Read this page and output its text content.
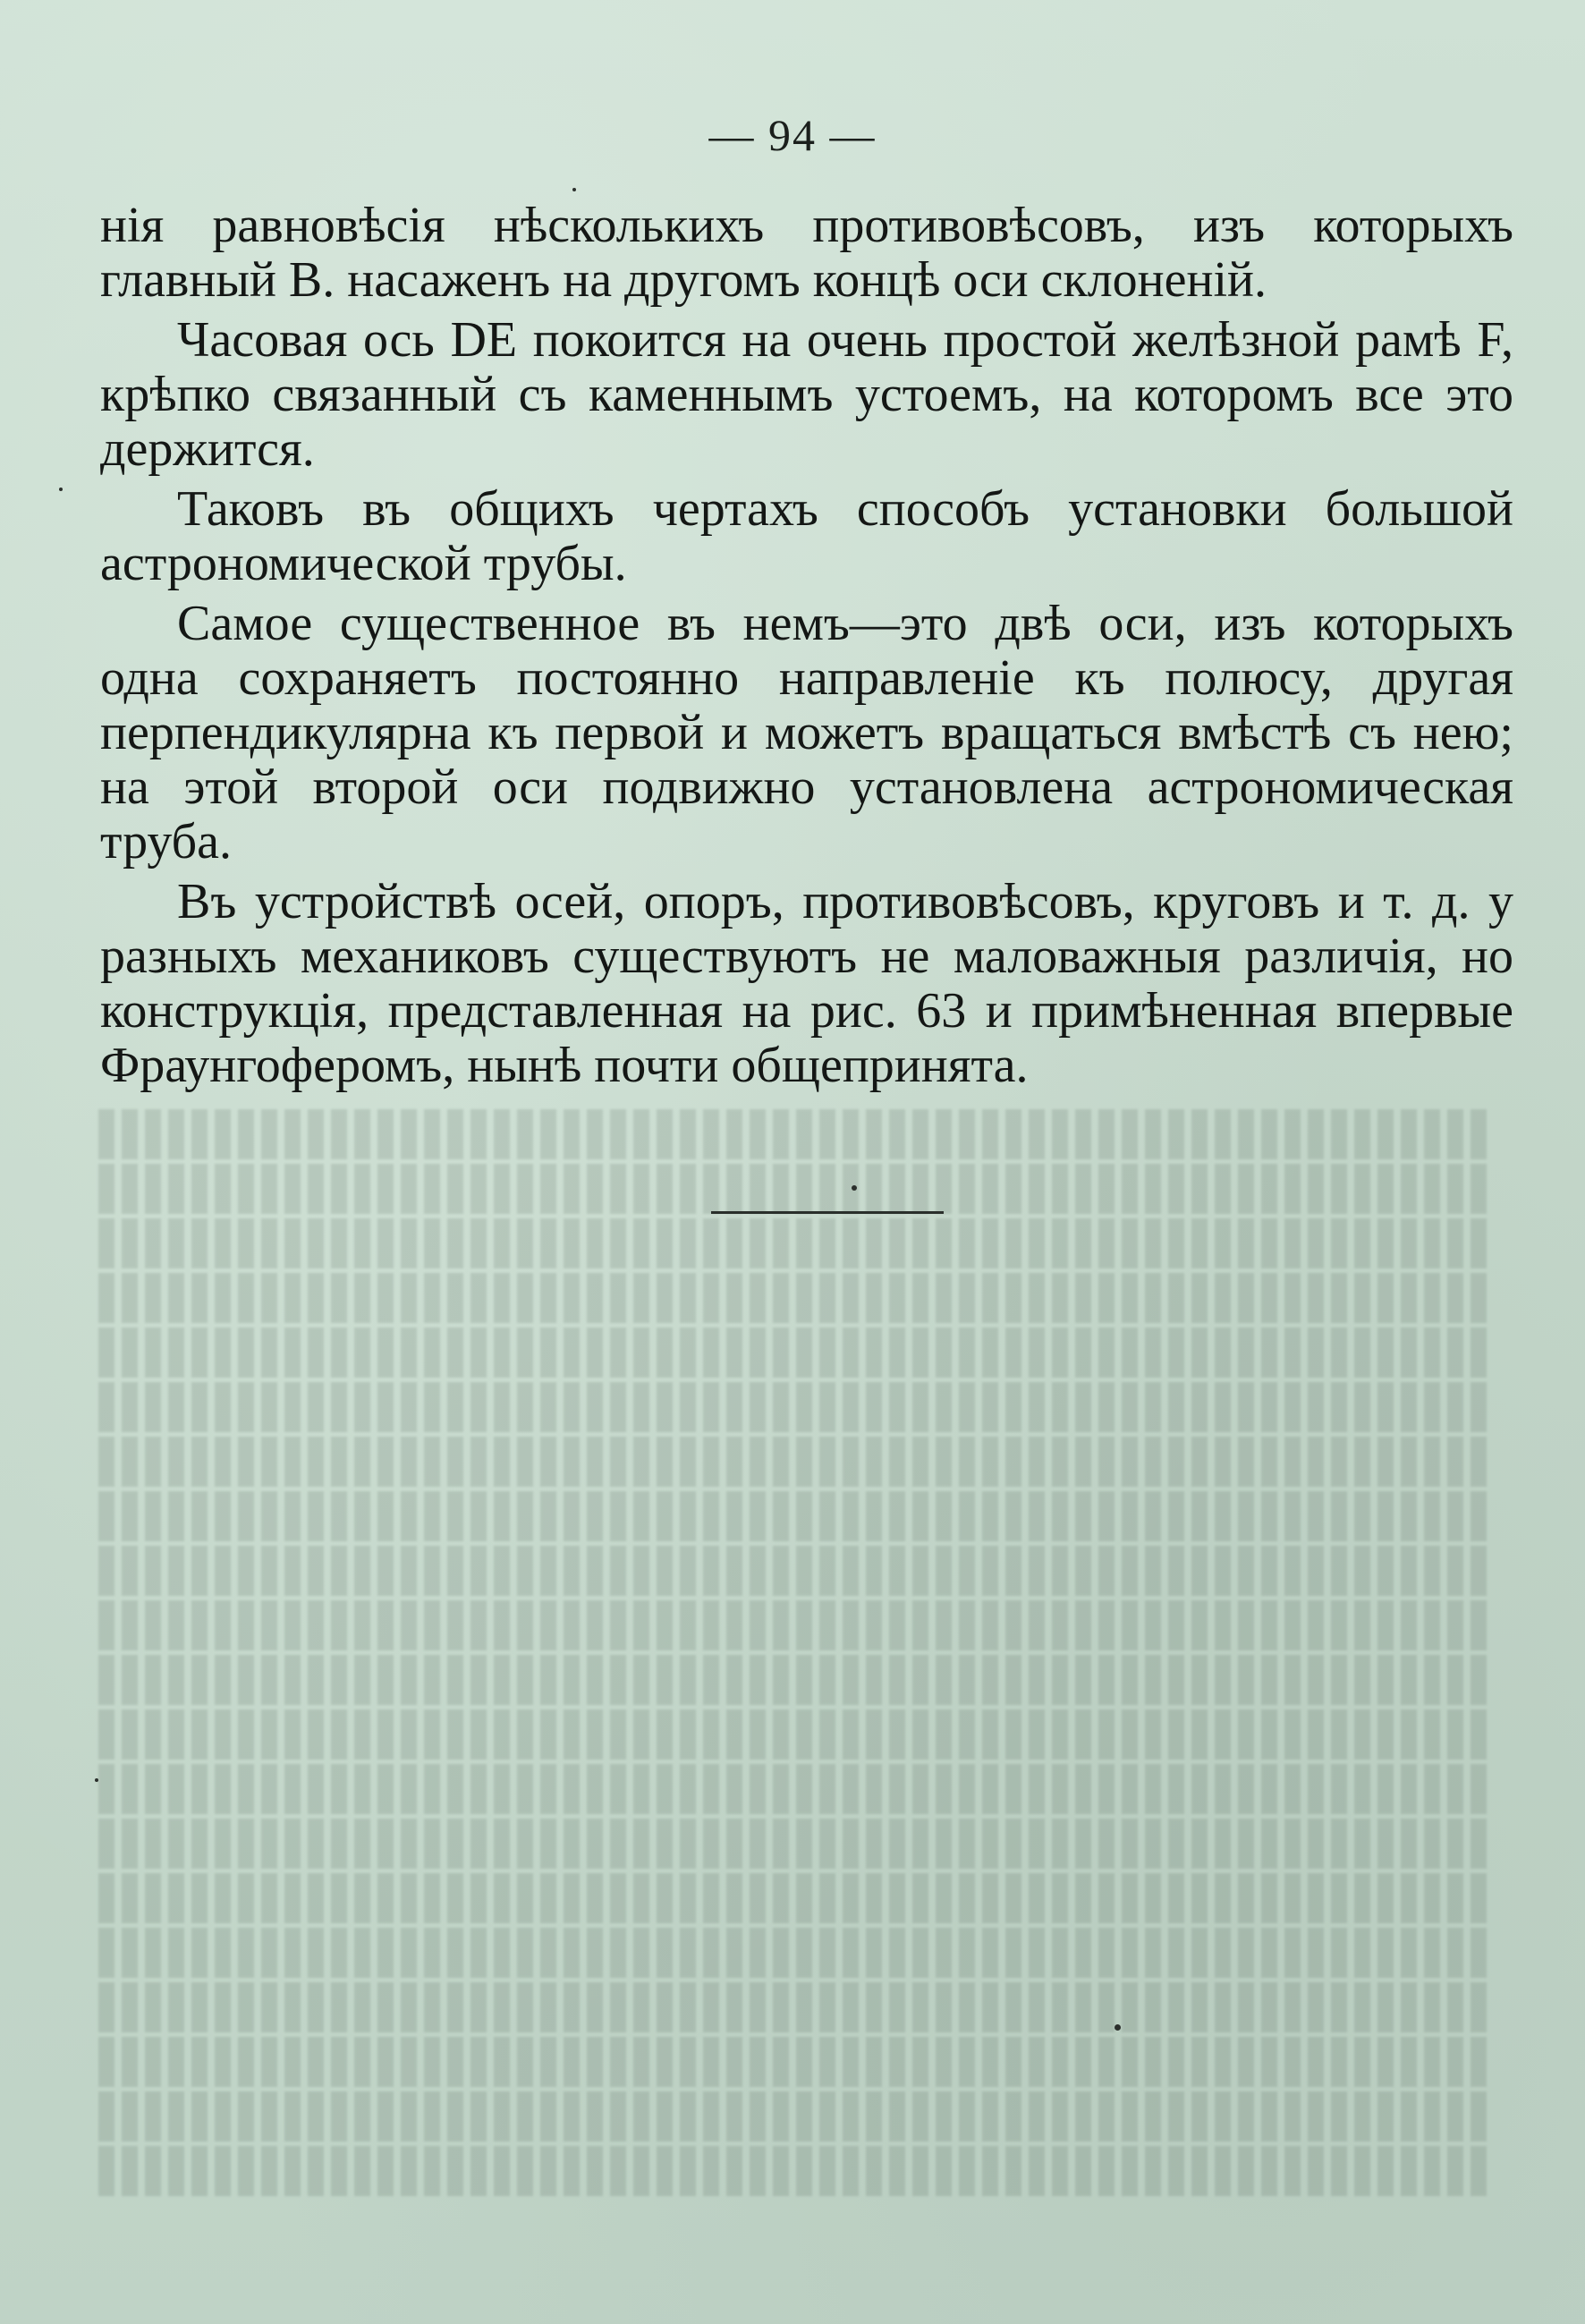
— 94 —

нія равновѣсія нѣсколькихъ противовѣсовъ, изъ которыхъ главный В. насаженъ на другомъ концѣ оси склоненій.

Часовая ось DE покоится на очень простой желѣзной рамѣ F, крѣпко связанный съ каменнымъ устоемъ, на которомъ все это держится.

Таковъ въ общихъ чертахъ способъ установки большой астрономической трубы.

Самое существенное въ немъ—это двѣ оси, изъ которыхъ одна сохраняетъ постоянно направленіе къ полюсу, другая перпендикулярна къ первой и можетъ вращаться вмѣстѣ съ нею; на этой второй оси подвижно установлена астрономическая труба.

Въ устройствѣ осей, опоръ, противовѣсовъ, круговъ и т. д. у разныхъ механиковъ существуютъ не маловажныя различія, но конструкція, представленная на рис. 63 и примѣненная впервые Фраунгоферомъ, нынѣ почти общепринята.
